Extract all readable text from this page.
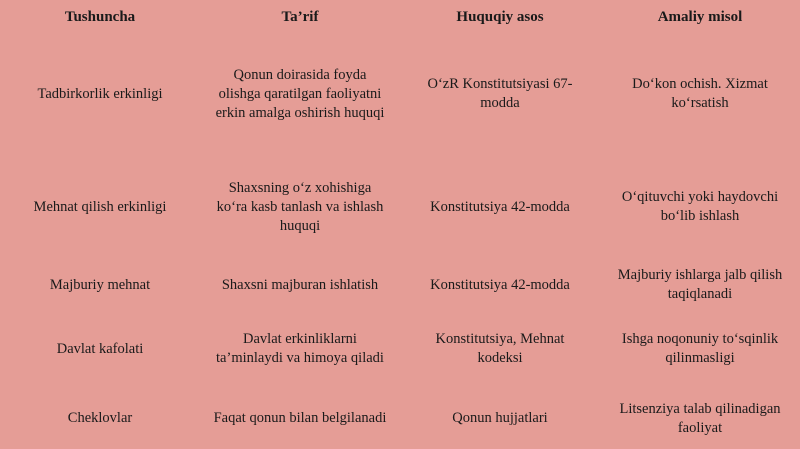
Tushuncha	Ta’rif	Huquqiy asos	Amaliy misol
Tadbirkorlik erkinligi	Qonun doirasida foyda olishga qaratilgan faoliyatni erkin amalga oshirish huquqi	O‘zR Konstitutsiyasi 67-modda	Do‘kon ochish. Xizmat ko‘rsatish
Mehnat qilish erkinligi	Shaxsning o‘z xohishiga ko‘ra kasb tanlash va ishlash huquqi	Konstitutsiya 42-modda	O‘qituvchi yoki haydovchi bo‘lib ishlash
Majburiy mehnat	Shaxsni majburan ishlatish	Konstitutsiya 42-modda	Majburiy ishlarga jalb qilish taqiqlanadi
Davlat kafolati	Davlat erkinliklarni ta’minlaydi va himoya qiladi	Konstitutsiya, Mehnat kodeksi	Ishga noqonuniy to‘sqinlik qilinmasligi
Cheklovlar	Faqat qonun bilan belgilanadi	Qonun hujjatlari	Litsenziya talab qilinadigan faoliyat
